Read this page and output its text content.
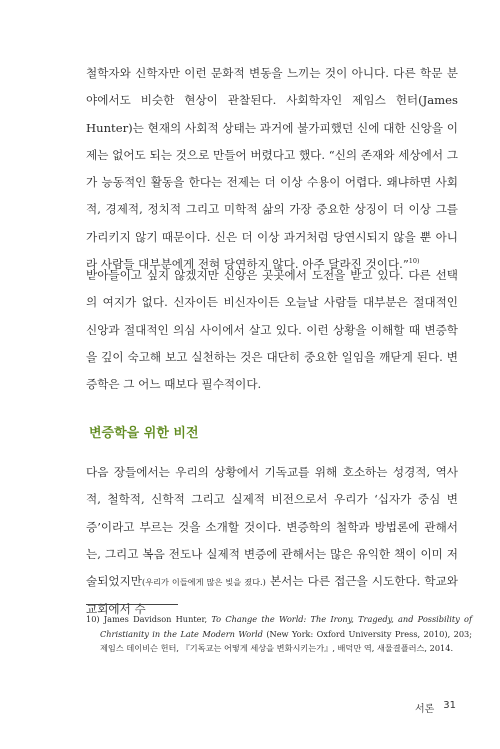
철학자와 신학자만 이런 문화적 변동을 느끼는 것이 아니다. 다른 학문 분야에서도 비슷한 현상이 관찰된다. 사회학자인 제임스 헌터(James Hunter)는 현재의 사회적 상태는 과거에 불가피했던 신에 대한 신앙을 이제는 없어도 되는 것으로 만들어 버렸다고 했다. “신의 존재와 세상에서 그가 능동적인 활동을 한다는 전제는 더 이상 수용이 어렵다. 왜냐하면 사회적, 경제적, 정치적 그리고 미학적 삶의 가장 중요한 상징이 더 이상 그를 가리키지 않기 때문이다. 신은 더 이상 과거처럼 당연시되지 않을 뿐 아니라 사람들 대부분에게 전혀 당연하지 않다. 아주 달라진 것이다.”$^{10)}$

받아들이고 싶지 않겠지만 신앙은 곳곳에서 도전을 받고 있다. 다른 선택의 여지가 없다. 신자이든 비신자이든 오늘날 사람들 대부분은 절대적인 신앙과 절대적인 의심 사이에서 살고 있다. 이런 상황을 이해할 때 변증학을 깊이 숙고해 보고 실천하는 것은 대단히 중요한 일임을 깨닫게 된다. 변증학은 그 어느 때보다 필수적이다.

변증학을 위한 비전

다음 장들에서는 우리의 상황에서 기독교를 위해 호소하는 성경적, 역사적, 철학적, 신학적 그리고 실제적 비전으로서 우리가 ‘십자가 중심 변증’이라고 부르는 것을 소개할 것이다. 변증학의 철학과 방법론에 관해서는, 그리고 복음 전도나 실제적 변증에 관해서는 많은 유익한 책이 이미 저술되었지만(우리가 이들에게 많은 빚을 졌다.) 본서는 다른 접근을 시도한다. 학교와 교회에서 수

10) James Davidson Hunter, To Change the World: The Irony, Tragedy, and Possibility of Christianity in the Late Modern World (New York: Oxford University Press, 2010), 203; 제임스 데이비슨 헌터, 『기독교는 어떻게 세상을 변화시키는가』, 배덕만 역, 새물결플러스, 2014.

서론 31
